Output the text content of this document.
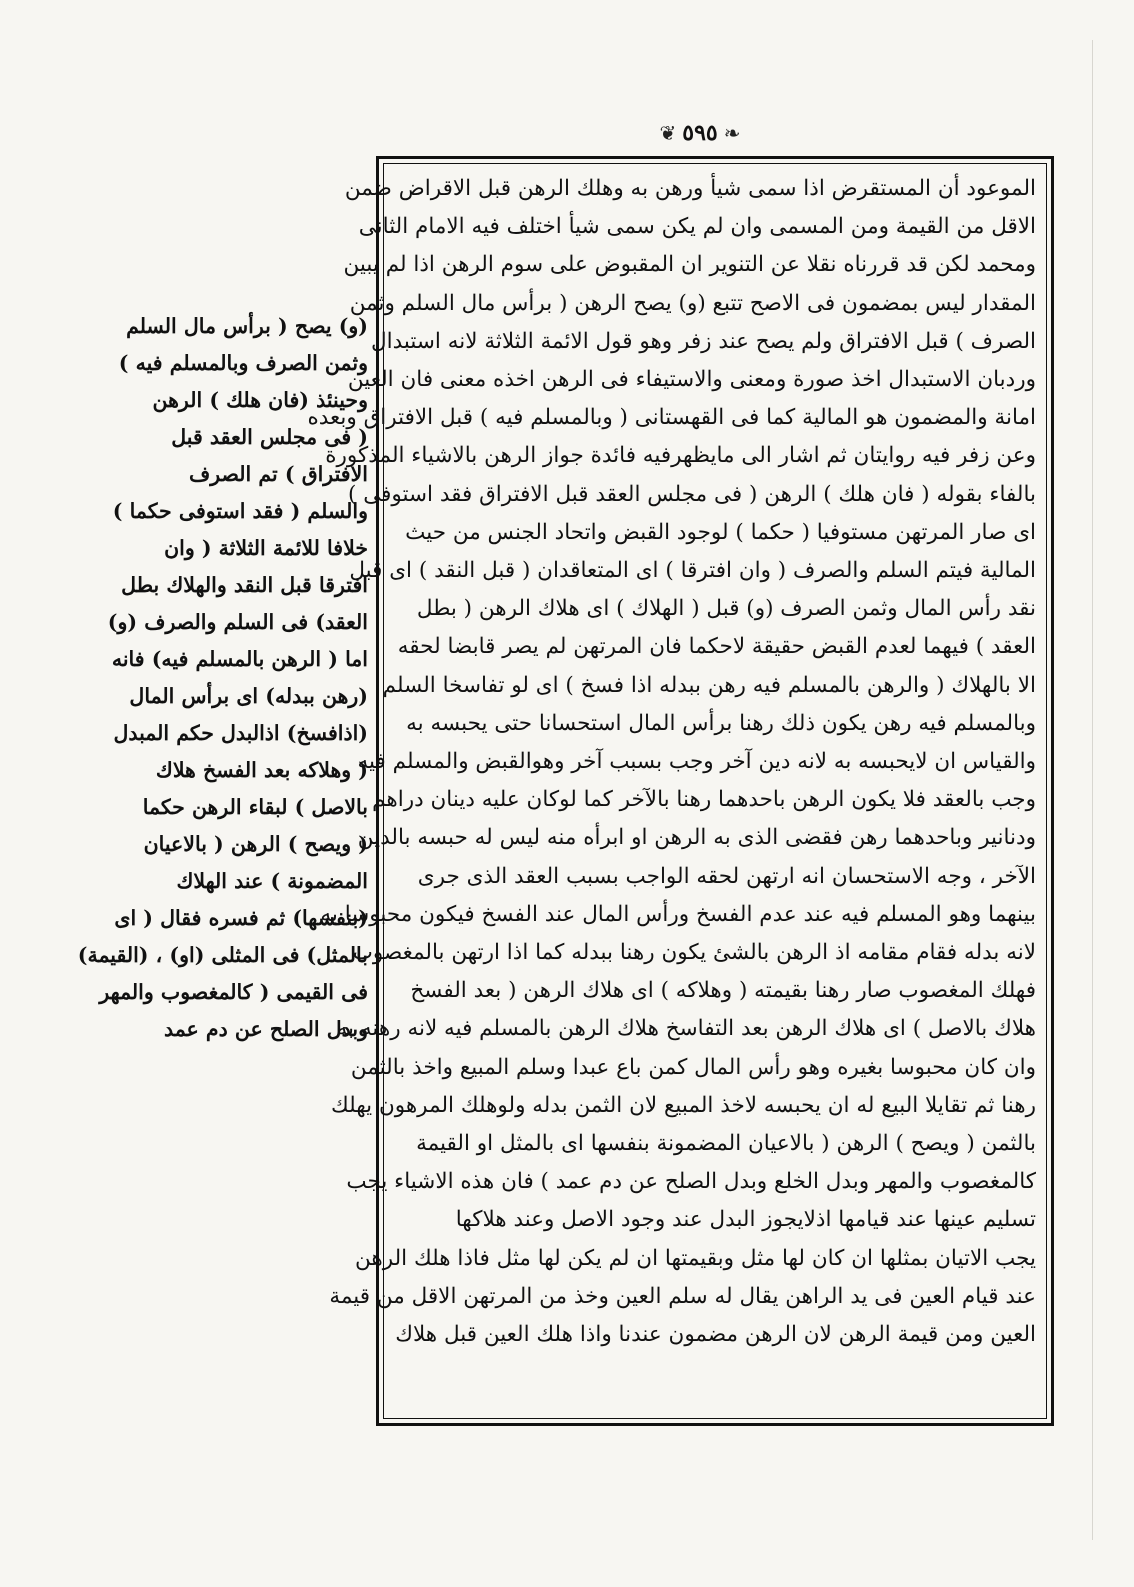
❦ ٥٩٥ ❧

الموعود أن المستقرض اذا سمى شيأ ورهن به وهلك الرهن قبل الاقراض ضمن
الاقل من القيمة ومن المسمى وان لم يكن سمى شيأ اختلف فيه الامام الثانى
ومحمد لكن قد قررناه نقلا عن التنوير ان المقبوض على سوم الرهن اذا لم يبين
المقدار ليس بمضمون فى الاصح تتبع (و) يصح الرهن ( برأس مال السلم وثمن
الصرف ) قبل الافتراق ولم يصح عند زفر وهو قول الائمة الثلاثة لانه استبدال
وردبان الاستبدال اخذ صورة ومعنى والاستيفاء فى الرهن اخذه معنى فان العين
امانة والمضمون هو المالية كما فى القهستانى ( وبالمسلم فيه ) قبل الافتراق وبعده
وعن زفر فيه روايتان ثم اشار الى مايظهرفيه فائدة جواز الرهن بالاشياء المذكورة
بالفاء بقوله ( فان هلك ) الرهن ( فى مجلس العقد قبل الافتراق فقد استوفى )
اى صار المرتهن مستوفيا ( حكما ) لوجود القبض واتحاد الجنس من حيث
المالية فيتم السلم والصرف ( وان افترقا ) اى المتعاقدان ( قبل النقد ) اى قبل
نقد رأس المال وثمن الصرف (و) قبل ( الهلاك ) اى هلاك الرهن ( بطل
العقد ) فيهما لعدم القبض حقيقة لاحكما فان المرتهن لم يصر قابضا لحقه
الا بالهلاك ( والرهن بالمسلم فيه رهن ببدله اذا فسخ ) اى لو تفاسخا السلم
وبالمسلم فيه رهن يكون ذلك رهنا برأس المال استحسانا حتى يحبسه به
والقياس ان لايحبسه به لانه دين آخر وجب بسبب آخر وهوالقبض والمسلم فيه
وجب بالعقد فلا يكون الرهن باحدهما رهنا بالآخر كما لوكان عليه دينان دراهم
ودنانير وباحدهما رهن فقضى الذى به الرهن او ابرأه منه ليس له حبسه بالدين
الآخر ، وجه الاستحسان انه ارتهن لحقه الواجب بسبب العقد الذى جرى
بينهما وهو المسلم فيه عند عدم الفسخ ورأس المال عند الفسخ فيكون محبوسا به
لانه بدله فقام مقامه اذ الرهن بالشئ يكون رهنا ببدله كما اذا ارتهن بالمغصوب
فهلك المغصوب صار رهنا بقيمته ( وهلاكه ) اى هلاك الرهن ( بعد الفسخ
هلاك بالاصل ) اى هلاك الرهن بعد التفاسخ هلاك الرهن بالمسلم فيه لانه رهنه به
وان كان محبوسا بغيره وهو رأس المال كمن باع عبدا وسلم المبيع واخذ بالثمن
رهنا ثم تقايلا البيع له ان يحبسه لاخذ المبيع لان الثمن بدله ولوهلك المرهون يهلك
بالثمن ( ويصح ) الرهن ( بالاعيان المضمونة بنفسها اى بالمثل او القيمة
كالمغصوب والمهر وبدل الخلع وبدل الصلح عن دم عمد ) فان هذه الاشياء يجب
تسليم عينها عند قيامها اذلايجوز البدل عند وجود الاصل وعند هلاكها
يجب الاتيان بمثلها ان كان لها مثل وبقيمتها ان لم يكن لها مثل فاذا هلك الرهن
عند قيام العين فى يد الراهن يقال له سلم العين وخذ من المرتهن الاقل من قيمة
العين ومن قيمة الرهن لان الرهن مضمون عندنا واذا هلك العين قبل هلاك

(و) يصح ( برأس مال السلم
وثمن الصرف وبالمسلم فيه )
وحينئذ (فان هلك ) الرهن
( فى مجلس العقد قبل
الافتراق ) تم الصرف
والسلم ( فقد استوفى حكما )
خلافا للائمة الثلاثة ( وان
افترقا قبل النقد والهلاك بطل
العقد) فى السلم والصرف (و)
اما ( الرهن بالمسلم فيه) فانه
(رهن ببدله) اى برأس المال
(اذافسخ) اذالبدل حكم المبدل
( وهلاكه بعد الفسخ هلاك
بالاصل ) لبقاء الرهن حكما
( ويصح ) الرهن ( بالاعيان
المضمونة ) عند الهلاك
(بنفسها) ثم فسره فقال ( اى
بالمثل) فى المثلى (او) ، (القيمة)
فى القيمى ( كالمغصوب والمهر
وبدل الصلح عن دم عمد
